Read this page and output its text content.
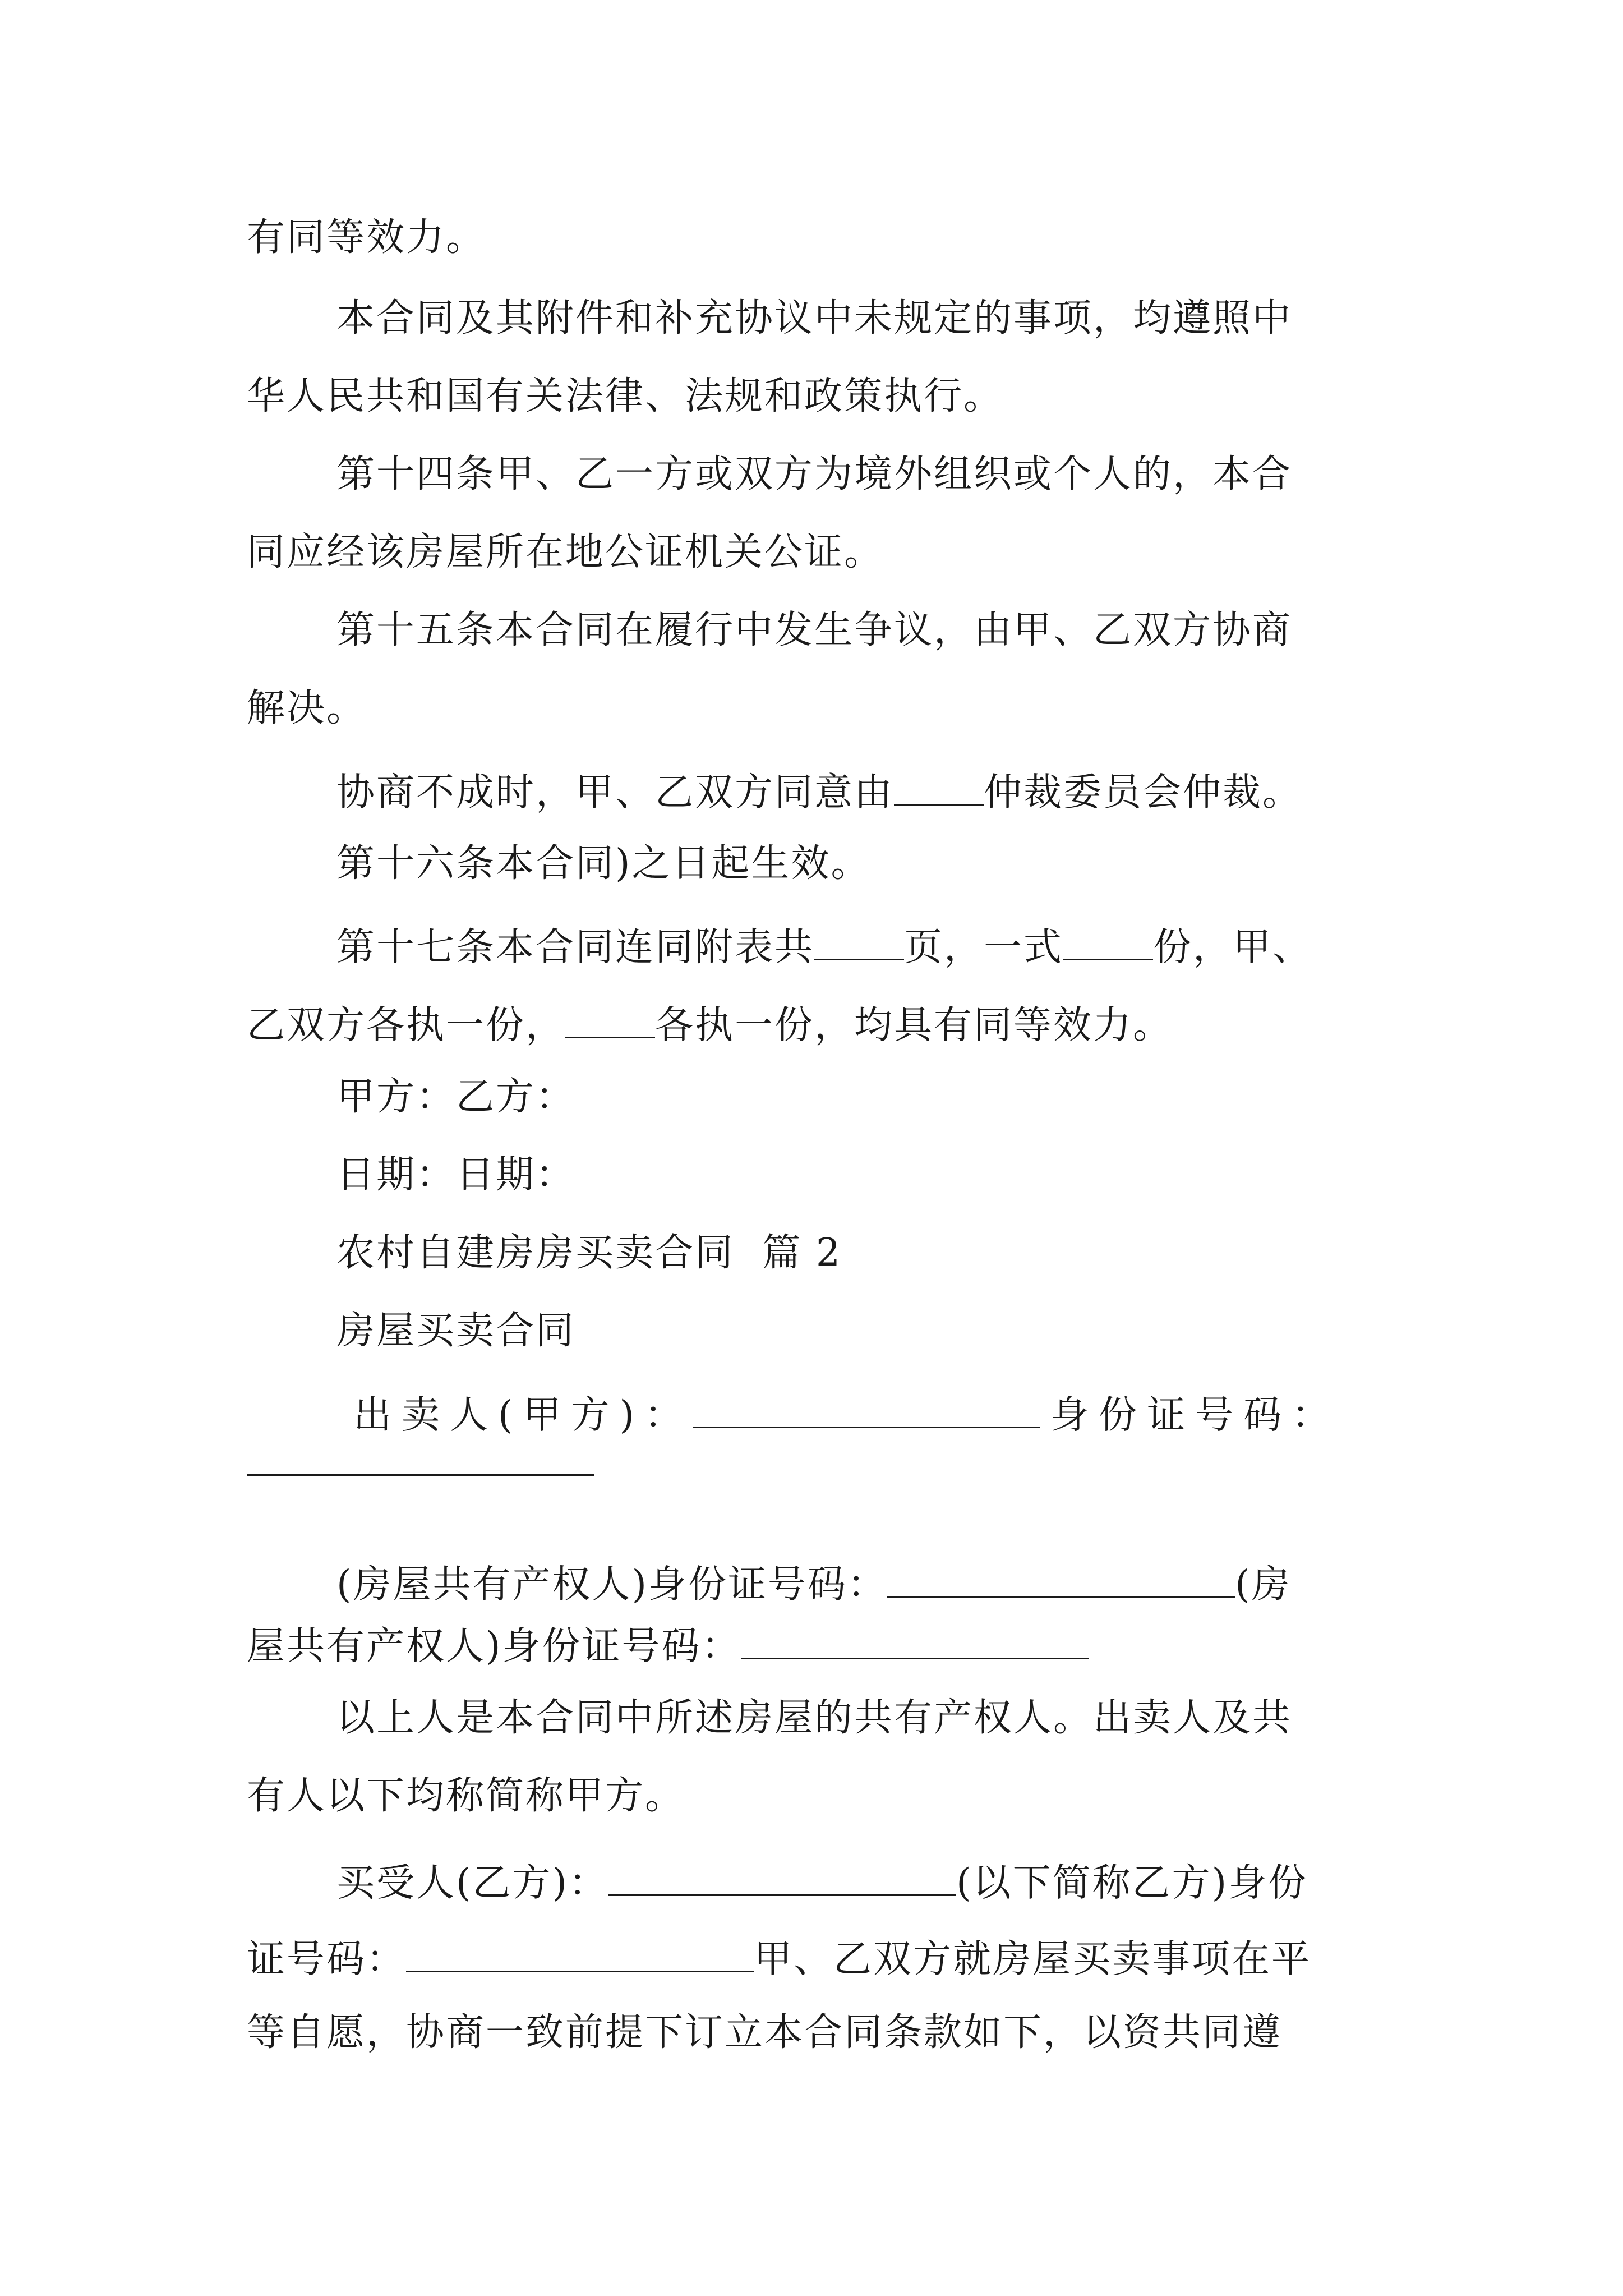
有同等效力。
本合同及其附件和补充协议中未规定的事项，均遵照中
华人民共和国有关法律、法规和政策执行。
第十四条甲、乙一方或双方为境外组织或个人的，本合
同应经该房屋所在地公证机关公证。
第十五条本合同在履行中发生争议，由甲、乙双方协商
解决。
协商不成时，甲、乙双方同意由 仲裁委员会仲裁。
第十六条本合同)之日起生效。
第十七条本合同连同附表共 页，一式 份，甲、
乙双方各执一份， 各执一份，均具有同等效力。
甲方：乙方：
日期：日期：
农村自建房房买卖合同  篇 2
房屋买卖合同
出卖人(甲方)：	身份证号码：
(房屋共有产权人)身份证号码：	(房
屋共有产权人)身份证号码：
以上人是本合同中所述房屋的共有产权人。出卖人及共
有人以下均称简称甲方。
买受人(乙方)：	(以下简称乙方)身份
证号码：	甲、乙双方就房屋买卖事项在平
等自愿，协商一致前提下订立本合同条款如下，以资共同遵
